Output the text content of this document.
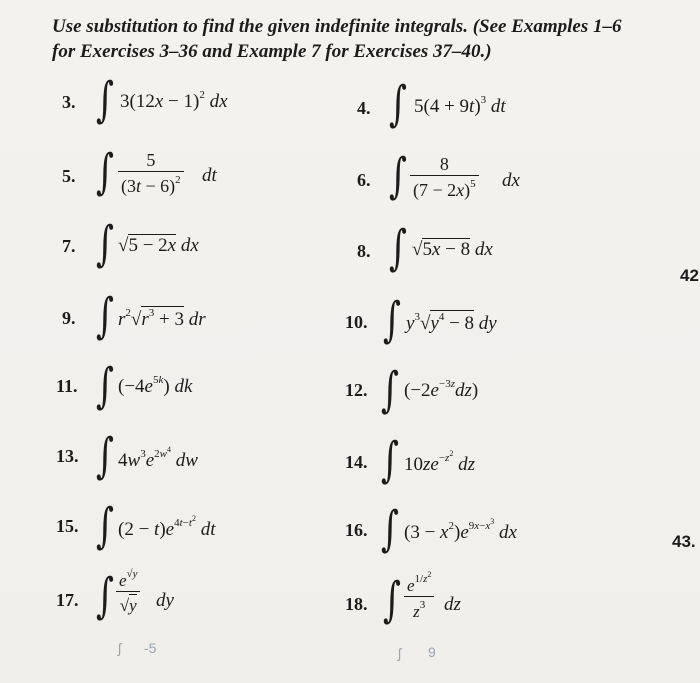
Use substitution to find the given indefinite integrals. (See Examples 1–6
for Exercises 3–36 and Example 7 for Exercises 37–40.)
3. ∫ $3(12x - 1)^2$ dx	4. ∫ $5(4 + 9t)^3$ dt
5. ∫ $\frac{5}{(3t - 6)^2}$ dt	6. ∫ $\frac{8}{(7 - 2x)^5}$ dx
7. ∫ √5 − 2x dx	8. ∫ √5x − 8 dx
9. ∫ $r^2√r^3 + 3$ dr	10. ∫ $y^3√y^4 - 8$ dy
11. ∫ $(-4e^{5k})$ dk	12. ∫ $(-2e^{-3z}dz)$
13. ∫ $4w^3e^{2w^4}$ dw	14. ∫ $10ze^{-z^2}$ dz
15. ∫ $(2 - t)e^{4t-t^2}$ dt	16. ∫ $(3 - x^2)e^{9x-x^3}$ dx
17. ∫ $\frac{e^{√y}}{√y}$ dy	18. ∫ $\frac{e^{1/z^2}}{z^3}$ dz
42
43.
ʃ -5	ʃ 9
